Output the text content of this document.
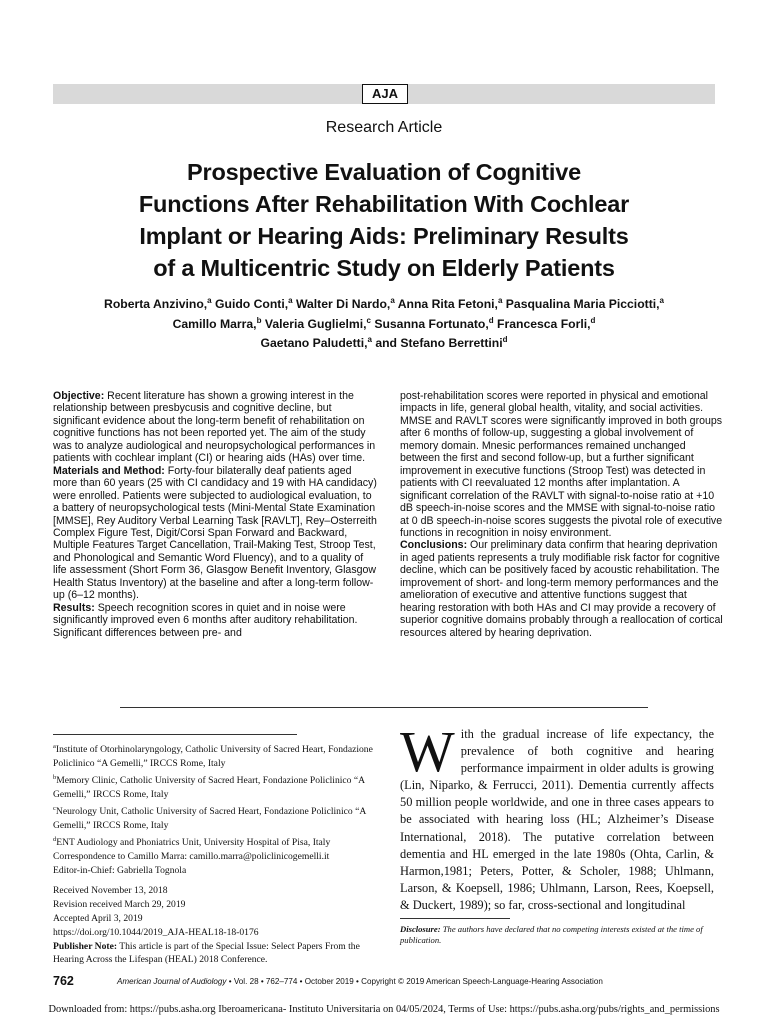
AJA
Research Article
Prospective Evaluation of Cognitive
Functions After Rehabilitation With Cochlear
Implant or Hearing Aids: Preliminary Results
of a Multicentric Study on Elderly Patients
Roberta Anzivino,$^a$ Guido Conti,$^a$ Walter Di Nardo,$^a$ Anna Rita Fetoni,$^a$ Pasqualina Maria Picciotti,$^a$
Camillo Marra,$^b$ Valeria Guglielmi,$^c$ Susanna Fortunato,$^d$ Francesca Forli,$^d$
Gaetano Paludetti,$^a$ and Stefano Berrettini$^d$

Objective: Recent literature has shown a growing interest in the relationship between presbycusis and cognitive decline, but significant evidence about the long-term benefit of rehabilitation on cognitive functions has not been reported yet. The aim of the study was to analyze audiological and neuropsychological performances in patients with cochlear implant (CI) or hearing aids (HAs) over time.

Materials and Method: Forty-four bilaterally deaf patients aged more than 60 years (25 with CI candidacy and 19 with HA candidacy) were enrolled. Patients were subjected to audiological evaluation, to a battery of neuropsychological tests (Mini-Mental State Examination [MMSE], Rey Auditory Verbal Learning Task [RAVLT], Rey–Osterreith Complex Figure Test, Digit/Corsi Span Forward and Backward, Multiple Features Target Cancellation, Trail-Making Test, Stroop Test, and Phonological and Semantic Word Fluency), and to a quality of life assessment (Short Form 36, Glasgow Benefit Inventory, Glasgow Health Status Inventory) at the baseline and after a long-term follow-up (6–12 months).

Results: Speech recognition scores in quiet and in noise were significantly improved even 6 months after auditory rehabilitation. Significant differences between pre- and

post-rehabilitation scores were reported in physical and emotional impacts in life, general global health, vitality, and social activities. MMSE and RAVLT scores were significantly improved in both groups after 6 months of follow-up, suggesting a global involvement of memory domain. Mnesic performances remained unchanged between the first and second follow-up, but a further significant improvement in executive functions (Stroop Test) was detected in patients with CI reevaluated 12 months after implantation. A significant correlation of the RAVLT with signal-to-noise ratio at +10 dB speech-in-noise scores and the MMSE with signal-to-noise ratio at 0 dB speech-in-noise scores suggests the pivotal role of executive functions in recognition in noisy environment.

Conclusions: Our preliminary data confirm that hearing deprivation in aged patients represents a truly modifiable risk factor for cognitive decline, which can be positively faced by acoustic rehabilitation. The improvement of short- and long-term memory performances and the amelioration of executive and attentive functions suggest that hearing restoration with both HAs and CI may provide a recovery of superior cognitive domains probably through a reallocation of cortical resources altered by hearing deprivation.

$^a$Institute of Otorhinolaryngology, Catholic University of Sacred Heart, Fondazione Policlinico “A Gemelli,” IRCCS Rome, Italy
$^b$Memory Clinic, Catholic University of Sacred Heart, Fondazione Policlinico “A Gemelli,” IRCCS Rome, Italy
$^c$Neurology Unit, Catholic University of Sacred Heart, Fondazione Policlinico “A Gemelli,” IRCCS Rome, Italy
$^d$ENT Audiology and Phoniatrics Unit, University Hospital of Pisa, Italy
Correspondence to Camillo Marra: camillo.marra@policlinicogemelli.it
Editor-in-Chief: Gabriella Tognola
Received November 13, 2018
Revision received March 29, 2019
Accepted April 3, 2019
https://doi.org/10.1044/2019_AJA-HEAL18-18-0176
Publisher Note: This article is part of the Special Issue: Select Papers From the Hearing Across the Lifespan (HEAL) 2018 Conference.
With the gradual increase of life expectancy, the prevalence of both cognitive and hearing performance impairment in older adults is growing (Lin, Niparko, & Ferrucci, 2011). Dementia currently affects 50 million people worldwide, and one in three cases appears to be associated with hearing loss (HL; Alzheimer’s Disease International, 2018). The putative correlation between dementia and HL emerged in the late 1980s (Ohta, Carlin, & Harmon,1981; Peters, Potter, & Scholer, 1988; Uhlmann, Larson, & Koepsell, 1986; Uhlmann, Larson, Rees, Koepsell, & Duckert, 1989); so far, cross-sectional and longitudinal
Disclosure: The authors have declared that no competing interests existed at the time of publication.
762	American Journal of Audiology • Vol. 28 • 762–774 • October 2019 • Copyright © 2019 American Speech-Language-Hearing Association
Downloaded from: https://pubs.asha.org Iberoamericana- Instituto Universitaria on 04/05/2024, Terms of Use: https://pubs.asha.org/pubs/rights_and_permissions
